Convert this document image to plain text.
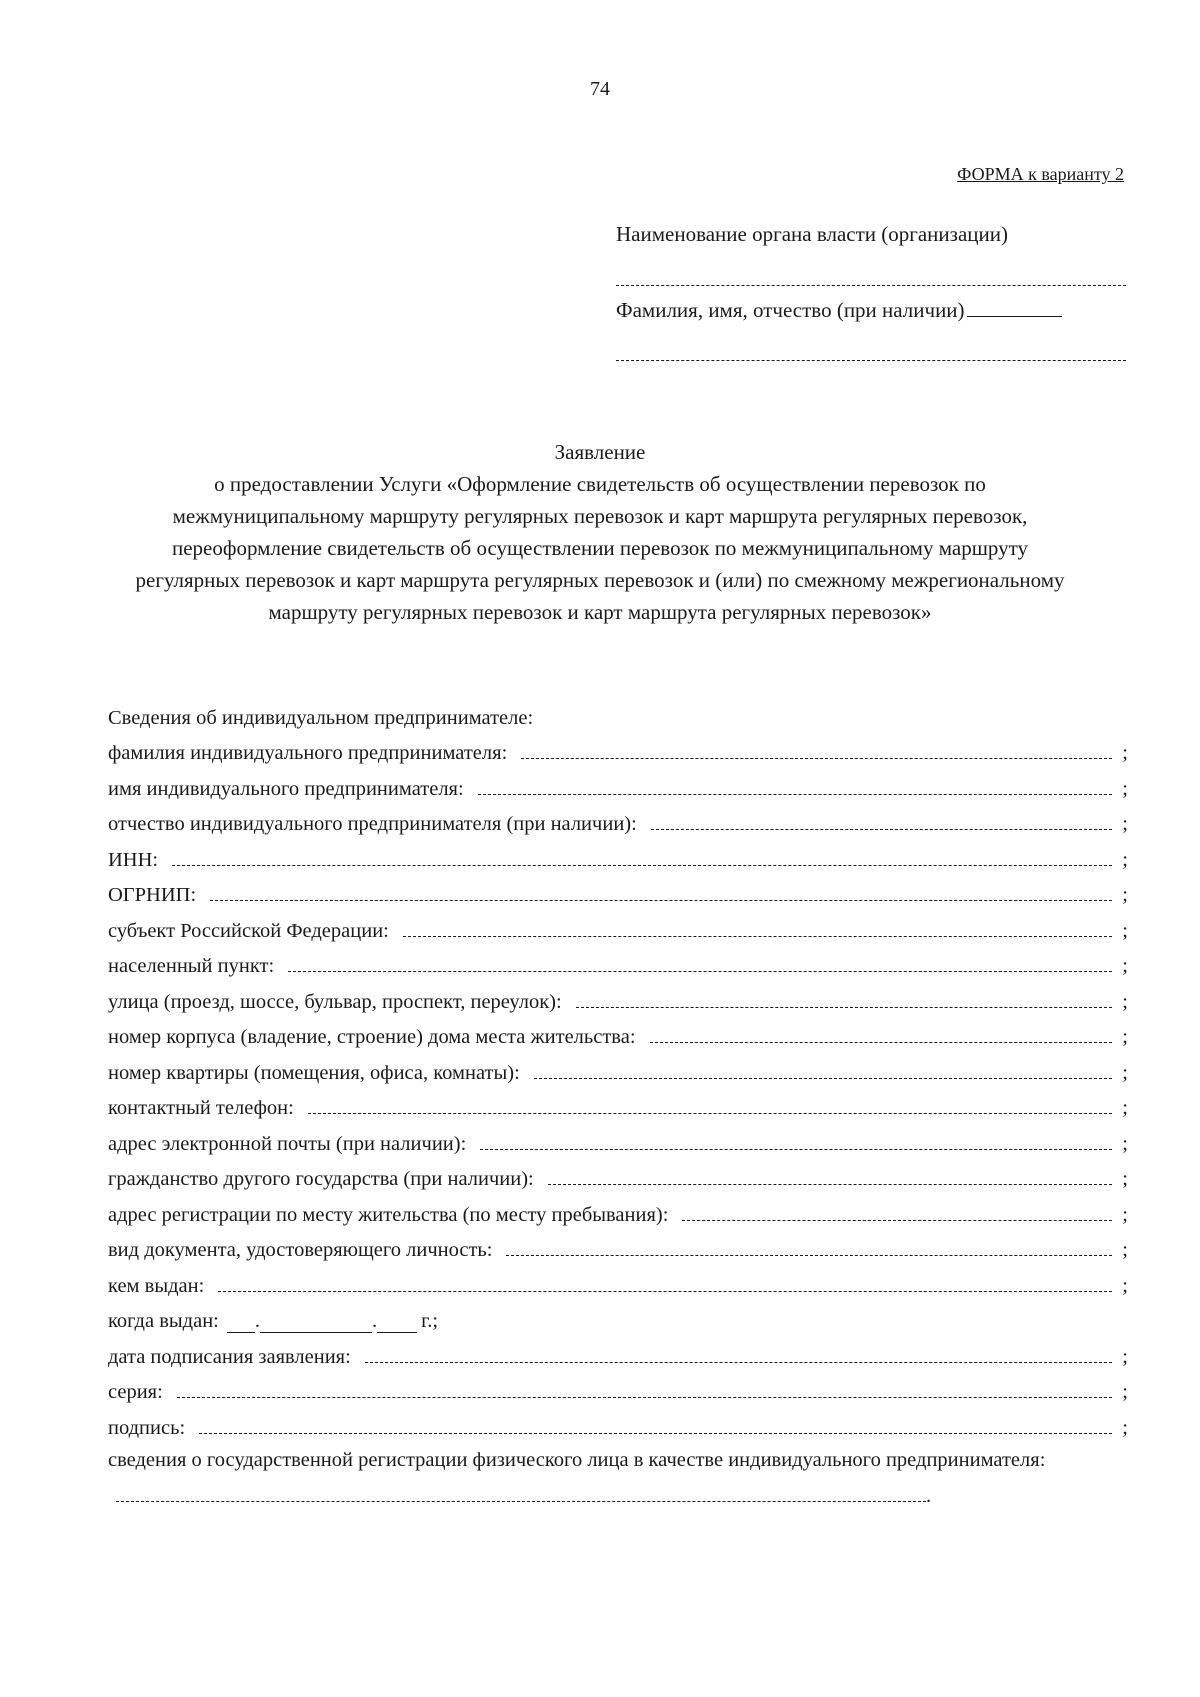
74
ФОРМА к варианту 2
Наименование органа власти (организации)
Фамилия, имя, отчество (при наличии)
Заявление
о предоставлении Услуги «Оформление свидетельств об осуществлении перевозок по межмуниципальному маршруту регулярных перевозок и карт маршрута регулярных перевозок, переоформление свидетельств об осуществлении перевозок по межмуниципальному маршруту регулярных перевозок и карт маршрута регулярных перевозок и (или) по смежному межрегиональному маршруту регулярных перевозок и карт маршрута регулярных перевозок»
Сведения об индивидуальном предпринимателе:
фамилия индивидуального предпринимателя:	;
имя индивидуального предпринимателя:	;
отчество индивидуального предпринимателя (при наличии):	;
ИНН:	;
ОГРНИП:	;
субъект Российской Федерации:	;
населенный пункт:	;
улица (проезд, шоссе, бульвар, проспект, переулок):	;
номер корпуса (владение, строение) дома места жительства:	;
номер квартиры (помещения, офиса, комнаты):	;
контактный телефон:	;
адрес электронной почты (при наличии):	;
гражданство другого государства (при наличии):	;
адрес регистрации по месту жительства (по месту пребывания):	;
вид документа, удостоверяющего личность:	;
кем выдан:	;
когда выдан:	.	. г.;
дата подписания заявления:	;
серия:	;
подпись:	;
сведения о государственной регистрации физического лица в качестве индивидуального предпринимателя:.
